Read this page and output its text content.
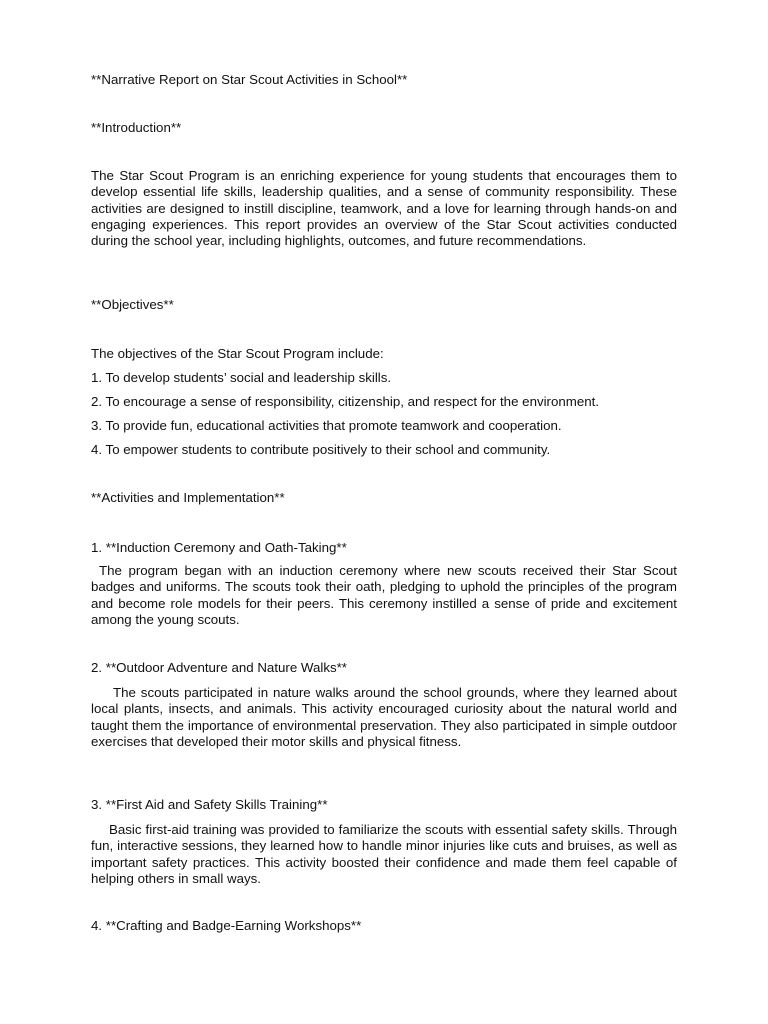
**Narrative Report on Star Scout Activities in School**
**Introduction**
The Star Scout Program is an enriching experience for young students that encourages them to develop essential life skills, leadership qualities, and a sense of community responsibility. These activities are designed to instill discipline, teamwork, and a love for learning through hands-on and engaging experiences. This report provides an overview of the Star Scout activities conducted during the school year, including highlights, outcomes, and future recommendations.
**Objectives**
The objectives of the Star Scout Program include:
1. To develop students’ social and leadership skills.
2. To encourage a sense of responsibility, citizenship, and respect for the environment.
3. To provide fun, educational activities that promote teamwork and cooperation.
4. To empower students to contribute positively to their school and community.
**Activities and Implementation**
1. **Induction Ceremony and Oath-Taking**
The program began with an induction ceremony where new scouts received their Star Scout badges and uniforms. The scouts took their oath, pledging to uphold the principles of the program and become role models for their peers. This ceremony instilled a sense of pride and excitement among the young scouts.
2. **Outdoor Adventure and Nature Walks**
The scouts participated in nature walks around the school grounds, where they learned about local plants, insects, and animals. This activity encouraged curiosity about the natural world and taught them the importance of environmental preservation. They also participated in simple outdoor exercises that developed their motor skills and physical fitness.
3. **First Aid and Safety Skills Training**
Basic first-aid training was provided to familiarize the scouts with essential safety skills. Through fun, interactive sessions, they learned how to handle minor injuries like cuts and bruises, as well as important safety practices. This activity boosted their confidence and made them feel capable of helping others in small ways.
4. **Crafting and Badge-Earning Workshops**
